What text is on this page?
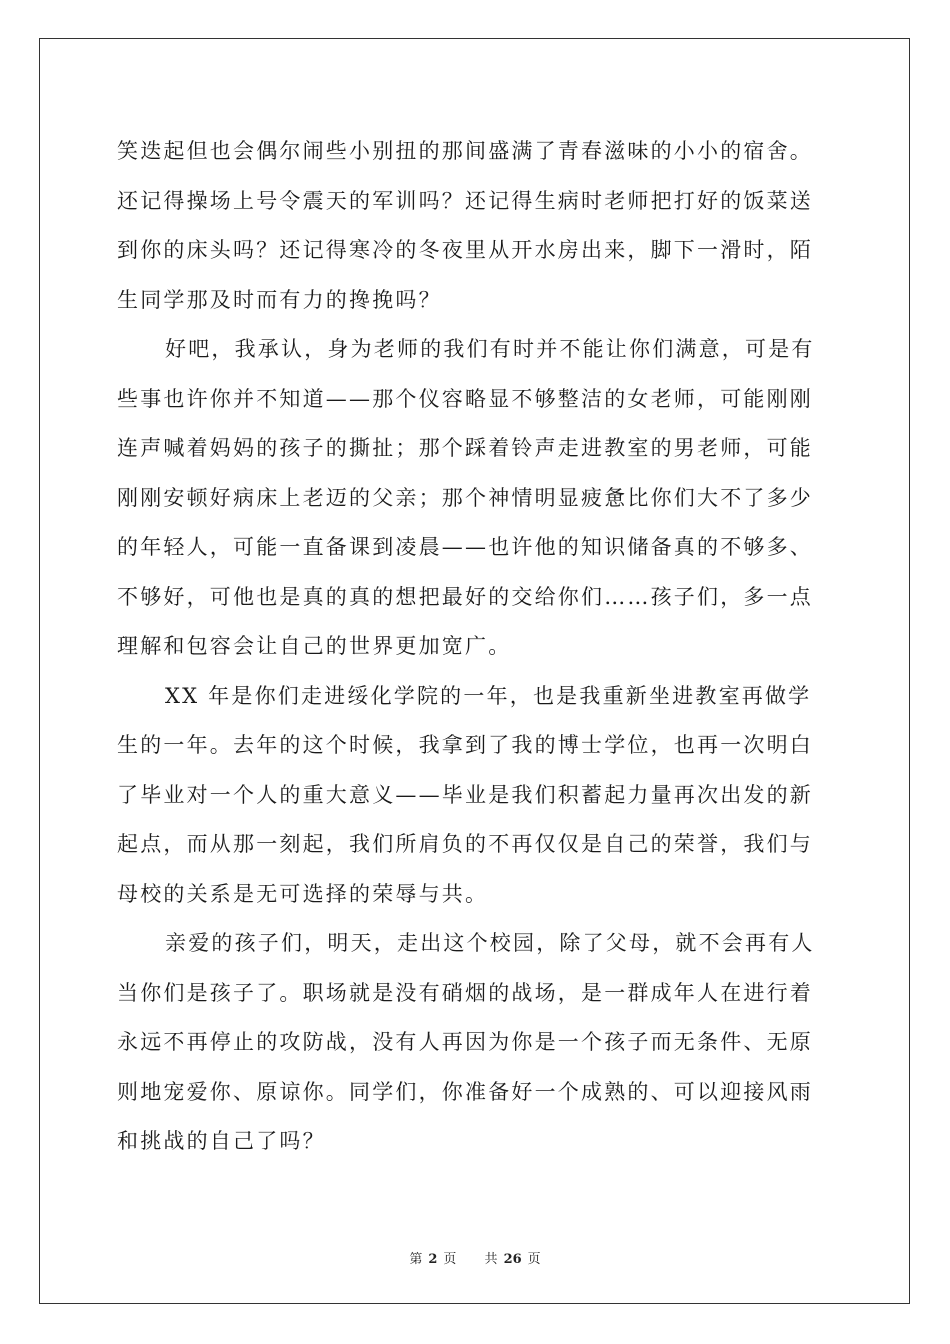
笑迭起但也会偶尔闹些小别扭的那间盛满了青春滋味的小小的宿舍。
还记得操场上号令震天的军训吗？还记得生病时老师把打好的饭菜送
到你的床头吗？还记得寒冷的冬夜里从开水房出来，脚下一滑时，陌
生同学那及时而有力的搀挽吗？
好吧，我承认，身为老师的我们有时并不能让你们满意，可是有
些事也许你并不知道——那个仪容略显不够整洁的女老师，可能刚刚
连声喊着妈妈的孩子的撕扯；那个踩着铃声走进教室的男老师，可能
刚刚安顿好病床上老迈的父亲；那个神情明显疲惫比你们大不了多少
的年轻人，可能一直备课到凌晨——也许他的知识储备真的不够多、
不够好，可他也是真的真的想把最好的交给你们……孩子们，多一点
理解和包容会让自己的世界更加宽广。
XX 年是你们走进绥化学院的一年，也是我重新坐进教室再做学
生的一年。去年的这个时候，我拿到了我的博士学位，也再一次明白
了毕业对一个人的重大意义——毕业是我们积蓄起力量再次出发的新
起点，而从那一刻起，我们所肩负的不再仅仅是自己的荣誉，我们与
母校的关系是无可选择的荣辱与共。
亲爱的孩子们，明天，走出这个校园，除了父母，就不会再有人
当你们是孩子了。职场就是没有硝烟的战场，是一群成年人在进行着
永远不再停止的攻防战，没有人再因为你是一个孩子而无条件、无原
则地宠爱你、原谅你。同学们，你准备好一个成熟的、可以迎接风雨
和挑战的自己了吗？
第 2 页 共 26 页
